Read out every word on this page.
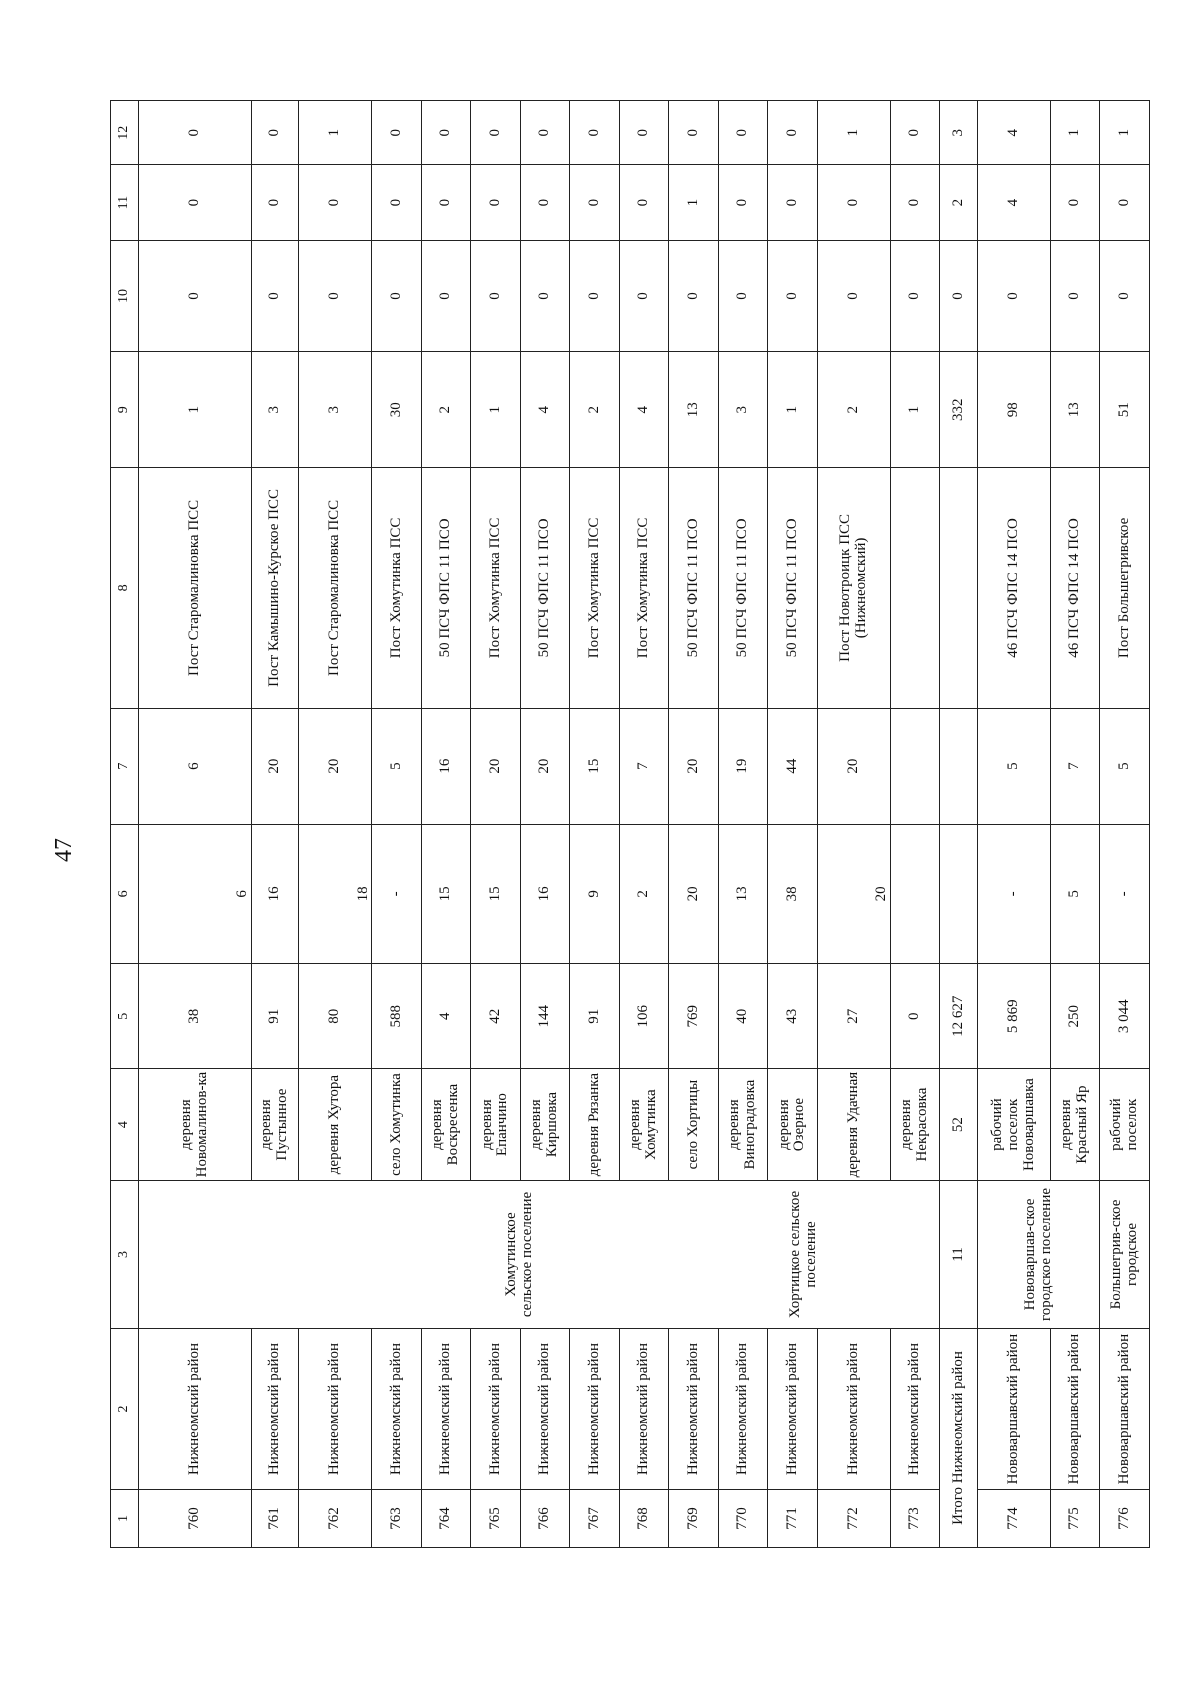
47
1	2	3	4	5	6	7	8	9	10	11	12
760	Нижнеомский район		деревня Новомалинов-ка	38	6	6	Пост Старомалиновка ПСС	1	0	0	0
761	Нижнеомский район		деревня Пустынное	91	16	20	Пост Камышино-Курское ПСС	3	0	0	0
762	Нижнеомский район		деревня Хутора	80	18	20	Пост Старомалиновка ПСС	3	0	0	1
763	Нижнеомский район	Хомутинское сельское поселение	село Хомутинка	588	-	5	Пост Хомутинка ПСС	30	0	0	0
764	Нижнеомский район		деревня Воскресенка	4	15	16	50 ПСЧ ФПС 11 ПСО	2	0	0	0
765	Нижнеомский район		деревня Епанчино	42	15	20	Пост Хомутинка ПСС	1	0	0	0
766	Нижнеомский район		деревня Киршовка	144	16	20	50 ПСЧ ФПС 11 ПСО	4	0	0	0
767	Нижнеомский район		деревня Рязанка	91	9	15	Пост Хомутинка ПСС	2	0	0	0
768	Нижнеомский район		деревня Хомутинка	106	2	7	Пост Хомутинка ПСС	4	0	0	0
769	Нижнеомский район	Хортицкое сельское поселение	село Хортицы	769	20	20	50 ПСЧ ФПС 11 ПСО	13	0	1	0
770	Нижнеомский район		деревня Виноградовка	40	13	19	50 ПСЧ ФПС 11 ПСО	3	0	0	0
771	Нижнеомский район		деревня Озерное	43	38	44	50 ПСЧ ФПС 11 ПСО	1	0	0	0
772	Нижнеомский район		деревня Удачная	27	20	20	Пост Новотроицк ПСС (Нижнеомский)	2	0	0	1
773	Нижнеомский район		деревня Некрасовка	0				1	0	0	0
Итого Нижнеомский район		11	52	12 627				332	0	2	3
774	Нововаршавский район	Нововаршав-ское городское поселение	рабочий поселок Нововаршавка	5 869	-	5	46 ПСЧ ФПС 14 ПСО	98	0	4	4
775	Нововаршавский район		деревня Красный Яр	250	5	7	46 ПСЧ ФПС 14 ПСО	13	0	0	1
776	Нововаршавский район	Большегрив-ское городское	рабочий поселок	3 044	-	5	Пост Большегривское	51	0	0	1
